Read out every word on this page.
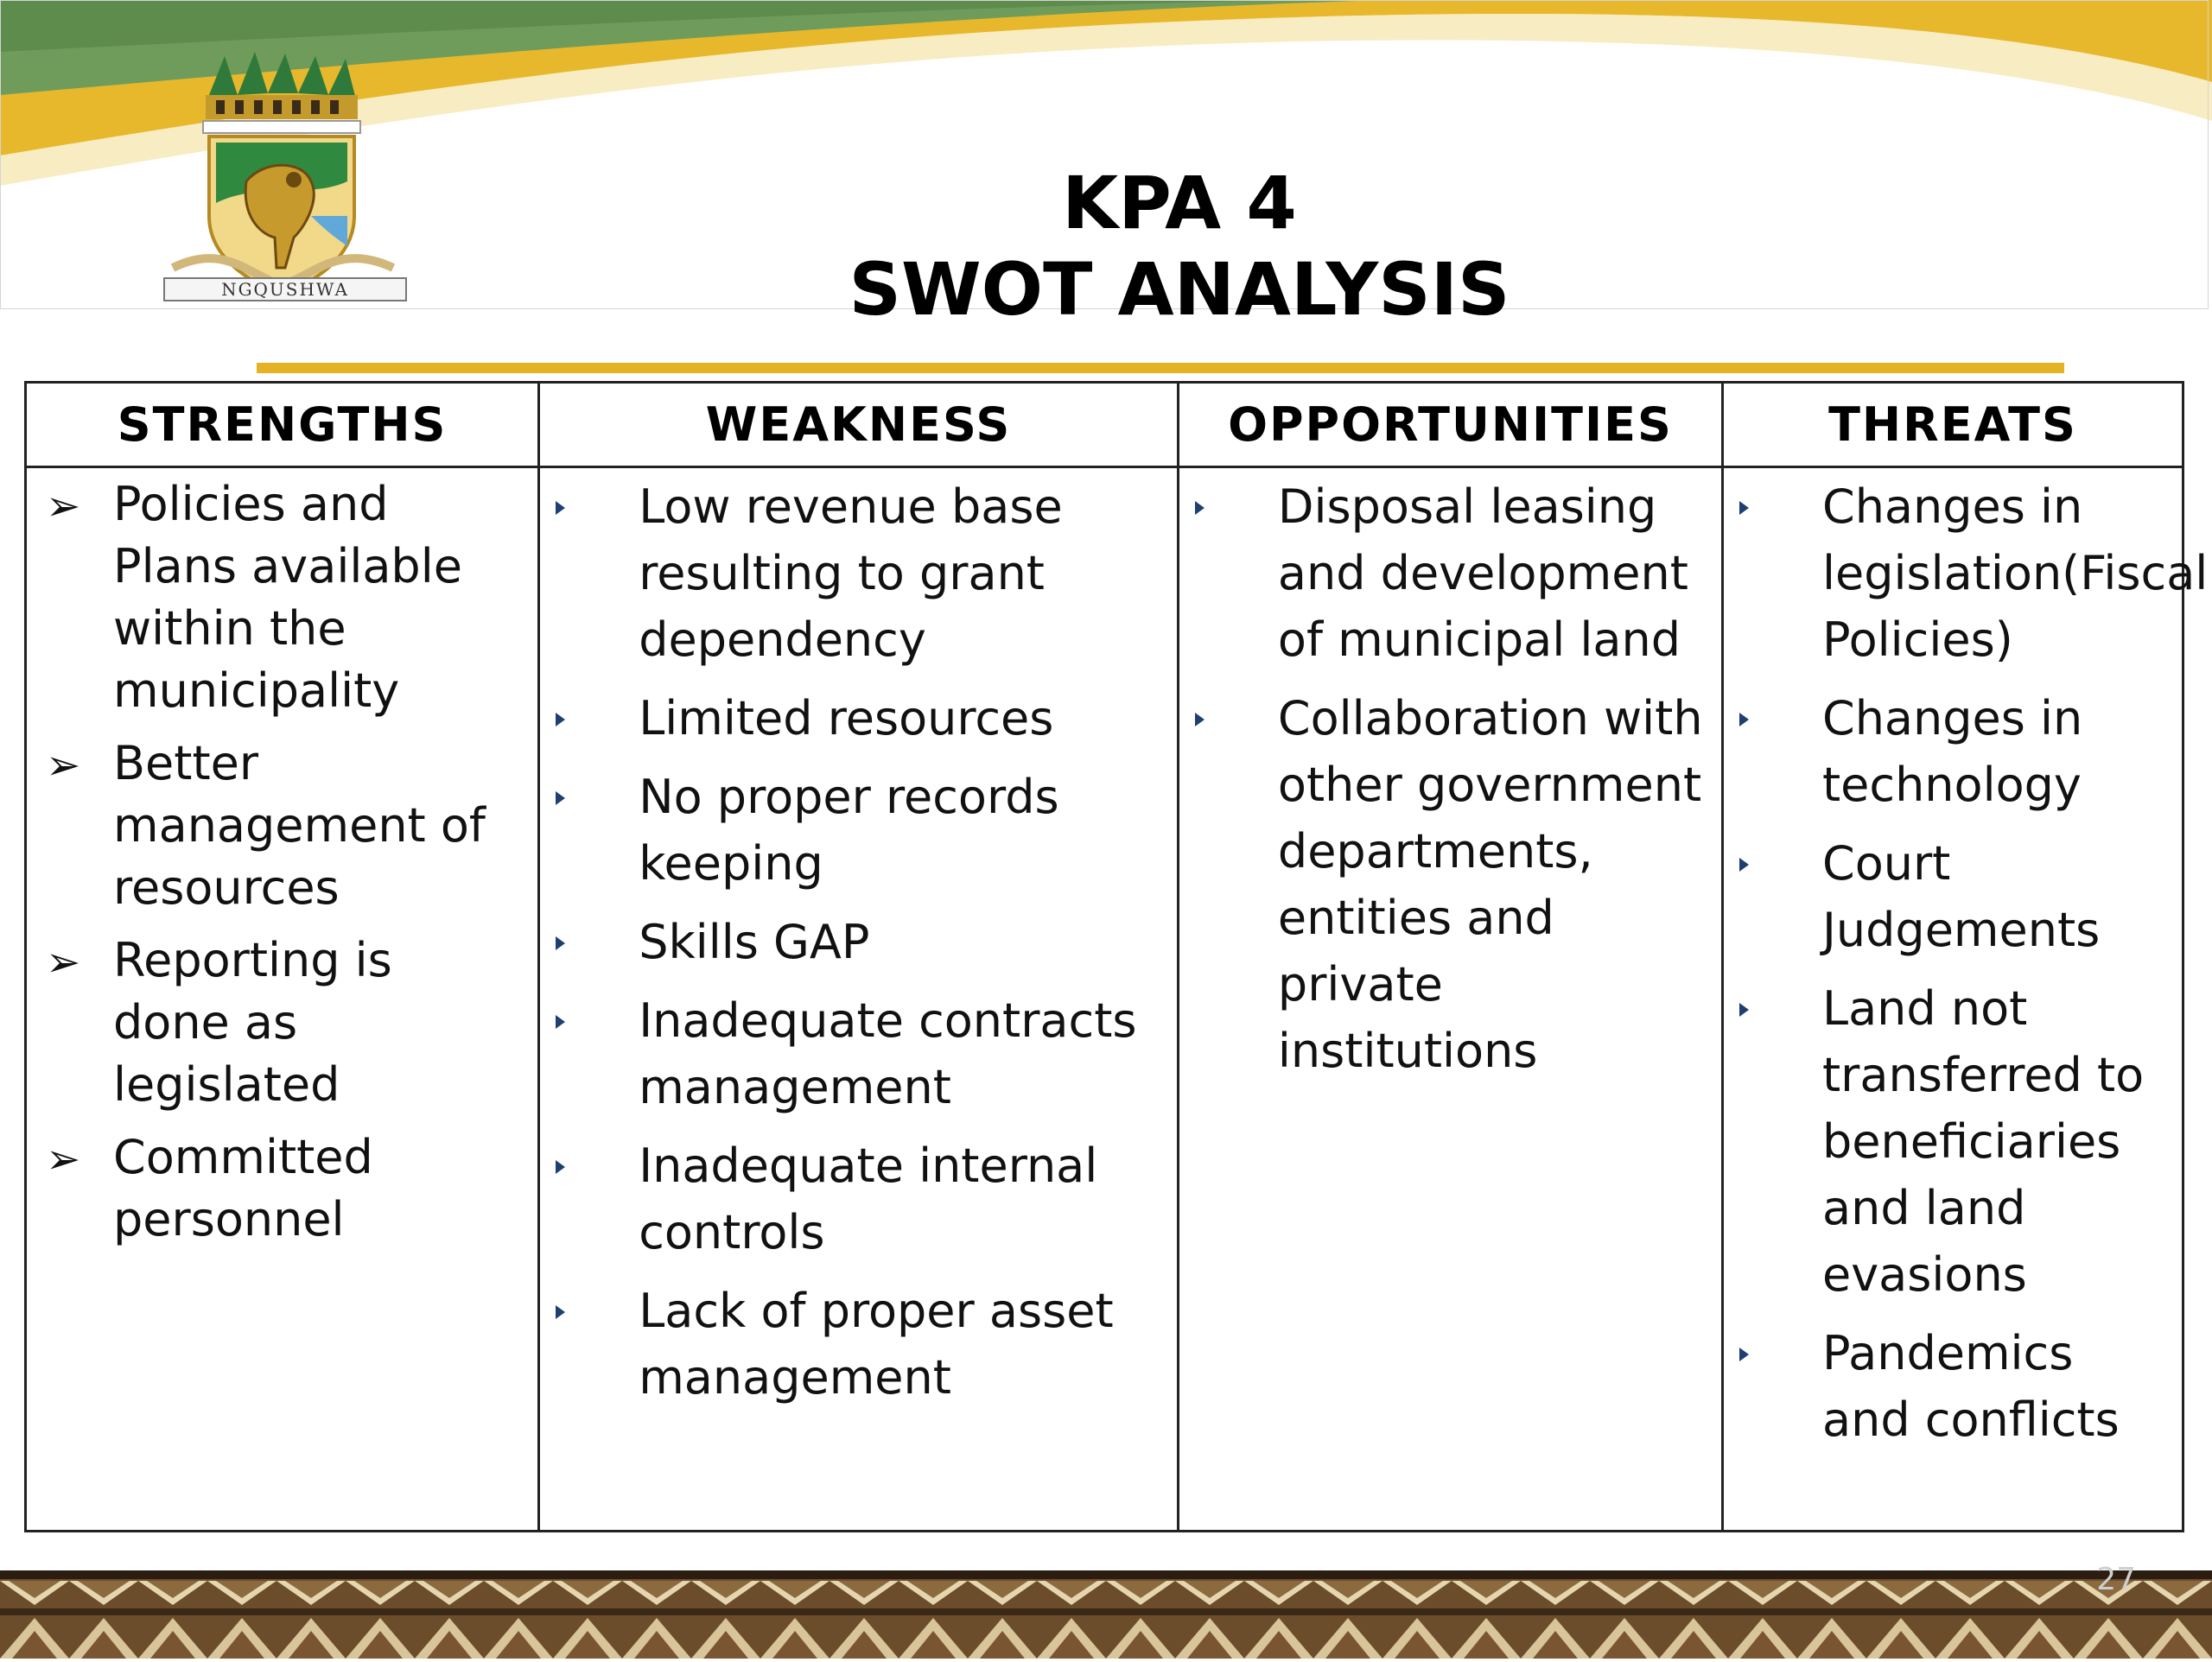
NGQUSHWA
KPA 4
SWOT ANALYSIS
STRENGTHS
➢ Policies and Plans available within the municipality
➢ Better management of resources
➢ Reporting is done as legislated
➢ Committed personnel
WEAKNESS
Low revenue base resulting to grant dependency
Limited resources
No proper records keeping
Skills GAP
Inadequate contracts management
Inadequate internal controls
Lack of proper asset management
OPPORTUNITIES
Disposal leasing and development of municipal land
Collaboration with other government departments, entities and private institutions
THREATS
Changes in legislation(Fiscal Policies)
Changes in technology
Court Judgements
Land not transferred to beneficiaries and land evasions
Pandemics and conflicts
27
